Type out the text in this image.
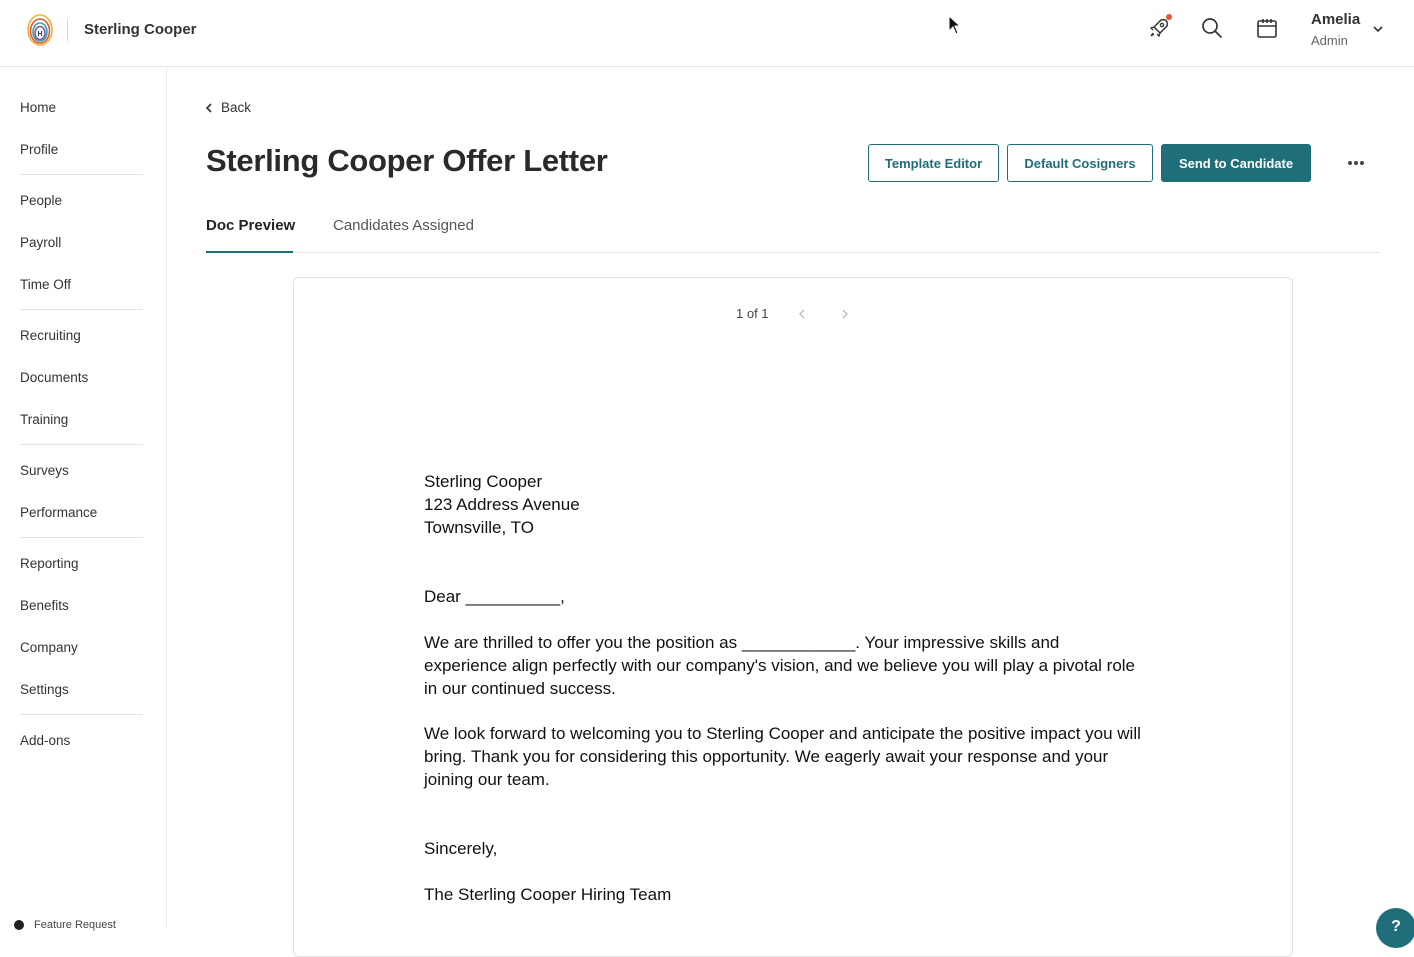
H	Sterling Cooper
Amelia
Admin
Home
Profile
People
Payroll
Time Off
Recruiting
Documents
Training
Surveys
Performance
Reporting
Benefits
Company
Settings
Add-ons
Feature Request
Back
Sterling Cooper Offer Letter	Template Editor	Default Cosigners	Send to Candidate
Doc Preview	Candidates Assigned
1 of 1
Sterling Cooper
123 Address Avenue
Townsville, TO
Dear __________,
We are thrilled to offer you the position as ____________. Your impressive skills and
experience align perfectly with our company's vision, and we believe you will play a pivotal role
in our continued success.
We look forward to welcoming you to Sterling Cooper and anticipate the positive impact you will
bring. Thank you for considering this opportunity. We eagerly await your response and your
joining our team.
Sincerely,
The Sterling Cooper Hiring Team
?
